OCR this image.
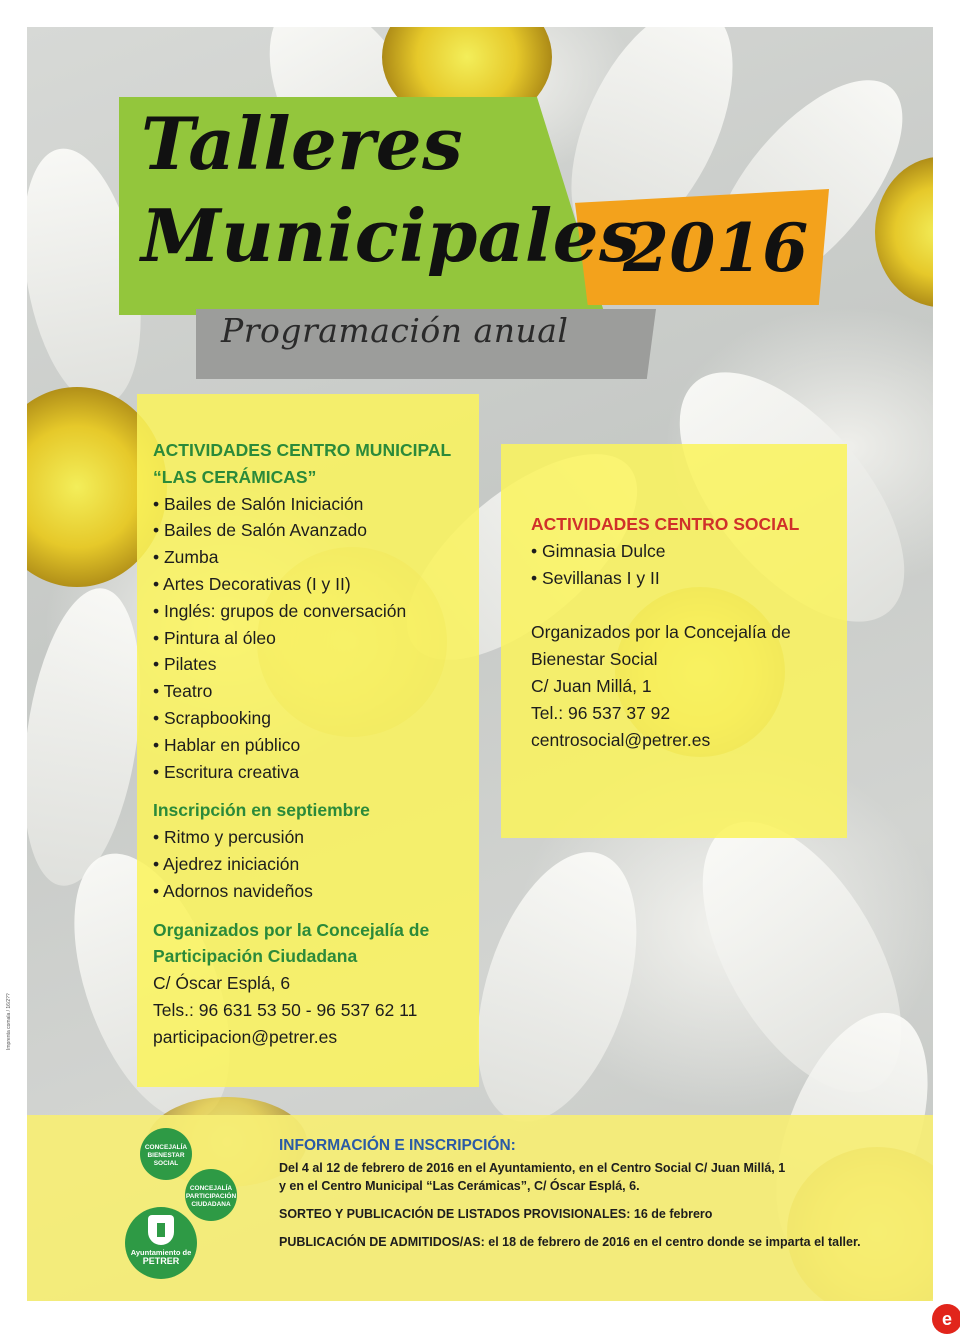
Talleres
Municipales
2016
Programación anual
ACTIVIDADES CENTRO MUNICIPAL
“LAS CERÁMICAS”
• Bailes de Salón Iniciación
• Bailes de Salón Avanzado
• Zumba
• Artes Decorativas (I y II)
• Inglés: grupos de conversación
• Pintura al óleo
• Pilates
• Teatro
• Scrapbooking
• Hablar en público
• Escritura creativa
Inscripción en septiembre
• Ritmo y percusión
• Ajedrez iniciación
• Adornos navideños
Organizados por la Concejalía de
Participación Ciudadana
C/ Óscar Esplá, 6
Tels.: 96 631 53 50 - 96 537 62 11
participacion@petrer.es
ACTIVIDADES CENTRO SOCIAL
• Gimnasia Dulce
• Sevillanas I y II
Organizados por la Concejalía de
Bienestar Social
C/ Juan Millá, 1
Tel.: 96 537 37 92
centrosocial@petrer.es
INFORMACIÓN E INSCRIPCIÓN:
Del 4 al 12 de febrero de 2016 en el Ayuntamiento, en el Centro Social C/ Juan Millá, 1
y en el Centro Municipal “Las Cerámicas”, C/ Óscar Esplá, 6.
SORTEO Y PUBLICACIÓN DE LISTADOS PROVISIONALES: 16 de febrero
PUBLICACIÓN DE ADMITIDOS/AS: el 18 de febrero de 2016 en el centro donde se imparta el taller.
CONCEJALÍA
BIENESTAR
SOCIAL
CONCEJALÍA
PARTICIPACIÓN
CIUDADANA
Ayuntamiento de
PETRER
Imprenta comala / 16/2??
e
